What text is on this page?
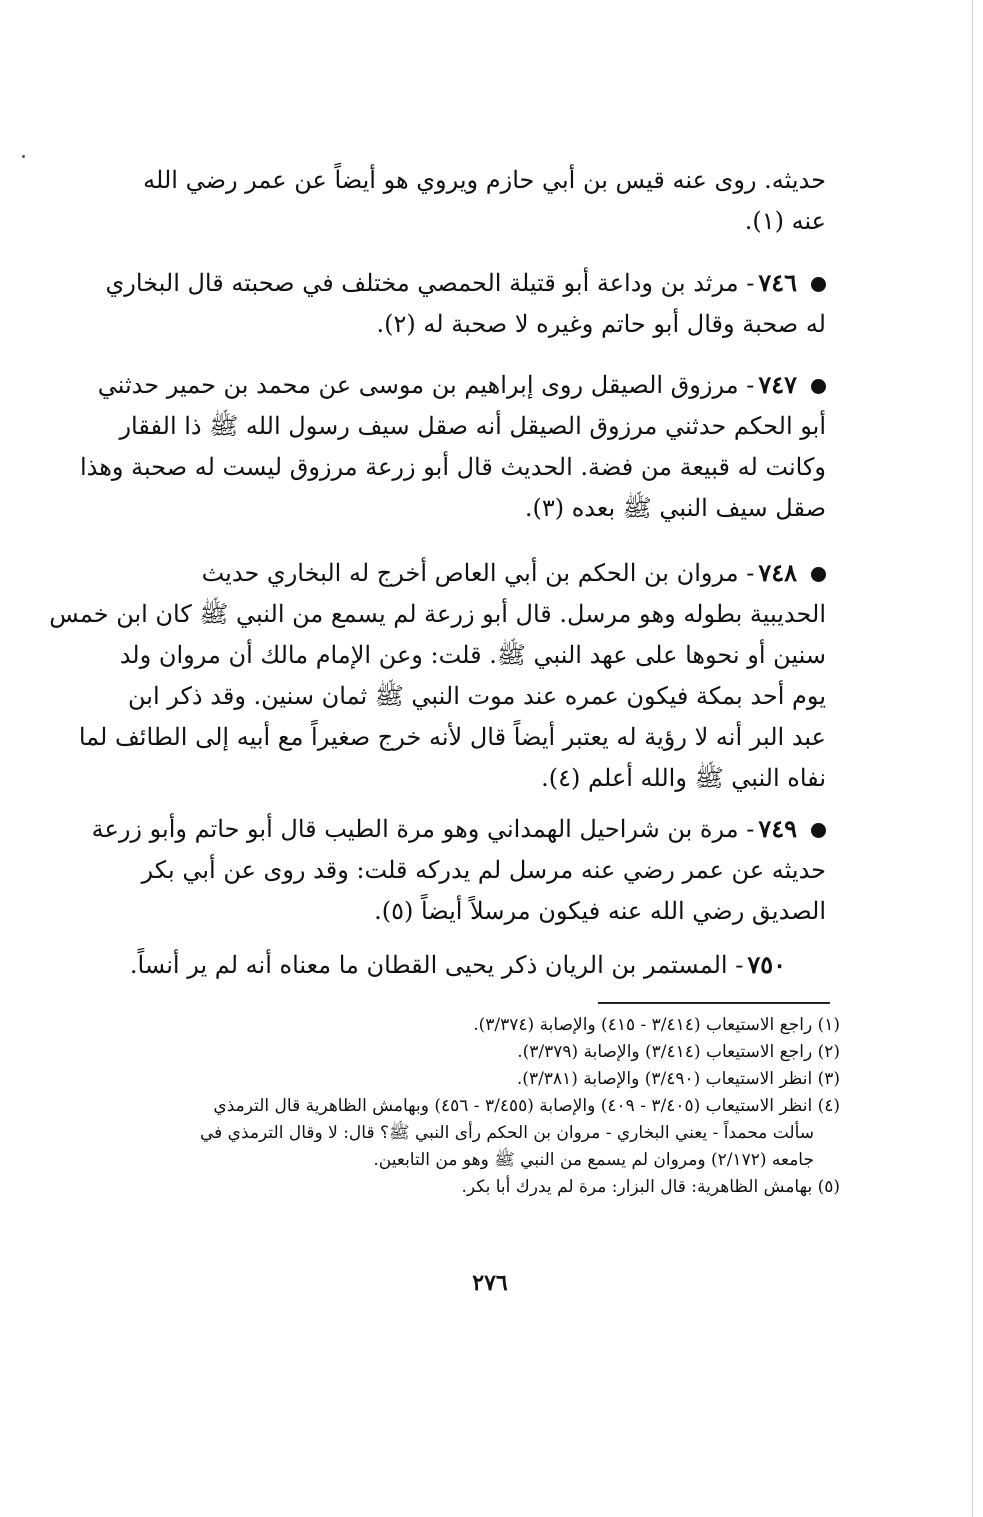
حديثه. روى عنه قيس بن أبي حازم ويروي هو أيضاً عن عمر رضي الله
عنه (١).
٧٤٦- مرثد بن وداعة أبو قتيلة الحمصي مختلف في صحبته قال البخاري
له صحبة وقال أبو حاتم وغيره لا صحبة له (٢).
٧٤٧- مرزوق الصيقل روى إبراهيم بن موسى عن محمد بن حمير حدثني
أبو الحكم حدثني مرزوق الصيقل أنه صقل سيف رسول الله ﷺ ذا الفقار
وكانت له قبيعة من فضة. الحديث قال أبو زرعة مرزوق ليست له صحبة وهذا
صقل سيف النبي ﷺ بعده (٣).
٧٤٨- مروان بن الحكم بن أبي العاص أخرج له البخاري حديث
الحديبية بطوله وهو مرسل. قال أبو زرعة لم يسمع من النبي ﷺ كان ابن خمس
سنين أو نحوها على عهد النبي ﷺ. قلت: وعن الإمام مالك أن مروان ولد
يوم أحد بمكة فيكون عمره عند موت النبي ﷺ ثمان سنين. وقد ذكر ابن
عبد البر أنه لا رؤية له يعتبر أيضاً قال لأنه خرج صغيراً مع أبيه إلى الطائف لما
نفاه النبي ﷺ والله أعلم (٤).
٧٤٩- مرة بن شراحيل الهمداني وهو مرة الطيب قال أبو حاتم وأبو زرعة
حديثه عن عمر رضي عنه مرسل لم يدركه قلت: وقد روى عن أبي بكر
الصديق رضي الله عنه فيكون مرسلاً أيضاً (٥).
٧٥٠- المستمر بن الريان ذكر يحيى القطان ما معناه أنه لم ير أنساً.
(١) راجع الاستيعاب (٣/٤١٤ - ٤١٥) والإصابة (٣/٣٧٤).
(٢) راجع الاستيعاب (٣/٤١٤) والإصابة (٣/٣٧٩).
(٣) انظر الاستيعاب (٣/٤٩٠) والإصابة (٣/٣٨١).
(٤) انظر الاستيعاب (٣/٤٠٥ - ٤٠٩) والإصابة (٣/٤٥٥ - ٤٥٦) وبهامش الظاهرية قال الترمذي
سألت محمداً - يعني البخاري - مروان بن الحكم رأى النبي ﷺ؟ قال: لا وقال الترمذي في
جامعه (٢/١٧٢) ومروان لم يسمع من النبي ﷺ وهو من التابعين.
(٥) بهامش الظاهرية: قال البزار: مرة لم يدرك أبا بكر.
٢٧٦
